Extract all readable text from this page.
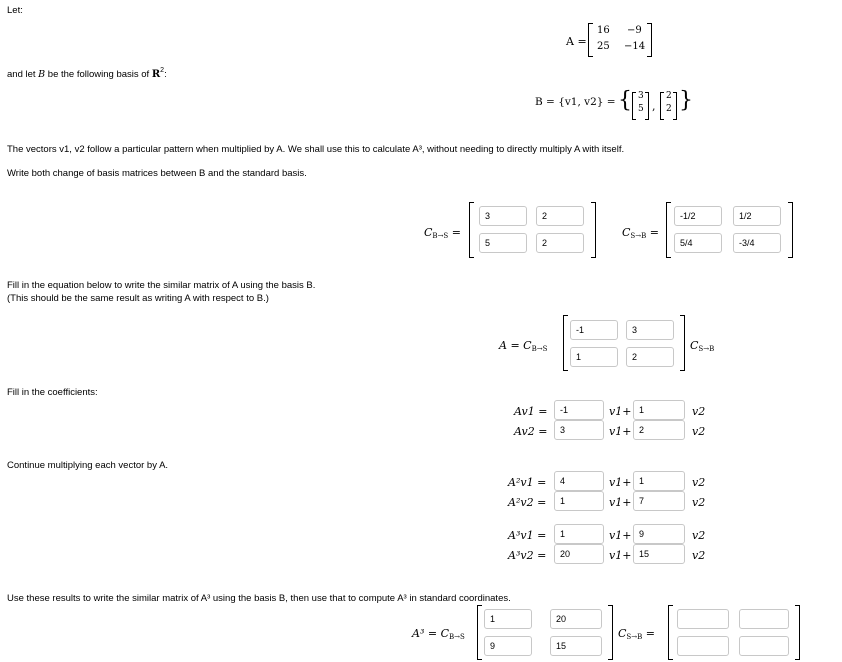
Let:
A =
16 −9
25 −14
and let B be the following basis of $R^2$:
B = {v1, v2} = { 3
5 ,
2
2 }
The vectors v1, v2 follow a particular pattern when multiplied by A. We shall use this to calculate A³, without needing to directly multiply A with itself.
Write both change of basis matrices between B and the standard basis.
$C_{B\to S}$ =
3	2
5	2
$C_{S\to B}$ =
-1/2	1/2
5/4	-3/4
Fill in the equation below to write the similar matrix of A using the basis B.
(This should be the same result as writing A with respect to B.)
$A = C_{B\to S}$
-1	3
1	2
$C_{S\to B}$
Fill in the coefficients:
Av1 =	-1	v1+ 1	v2
Av2 =	3	v1+ 2	v2
Continue multiplying each vector by A.
A²v1 =	4	v1+ 1	v2
A²v2 =	1	v1+ 7	v2
A³v1 =	1	v1+ 9	v2
A³v2 =	20	v1+ 15	v2
Use these results to write the similar matrix of A³ using the basis B, then use that to compute A³ in standard coordinates.
$A^3 = C_{B\to S}$
1	20
9	15
$C_{S\to B}$ =
